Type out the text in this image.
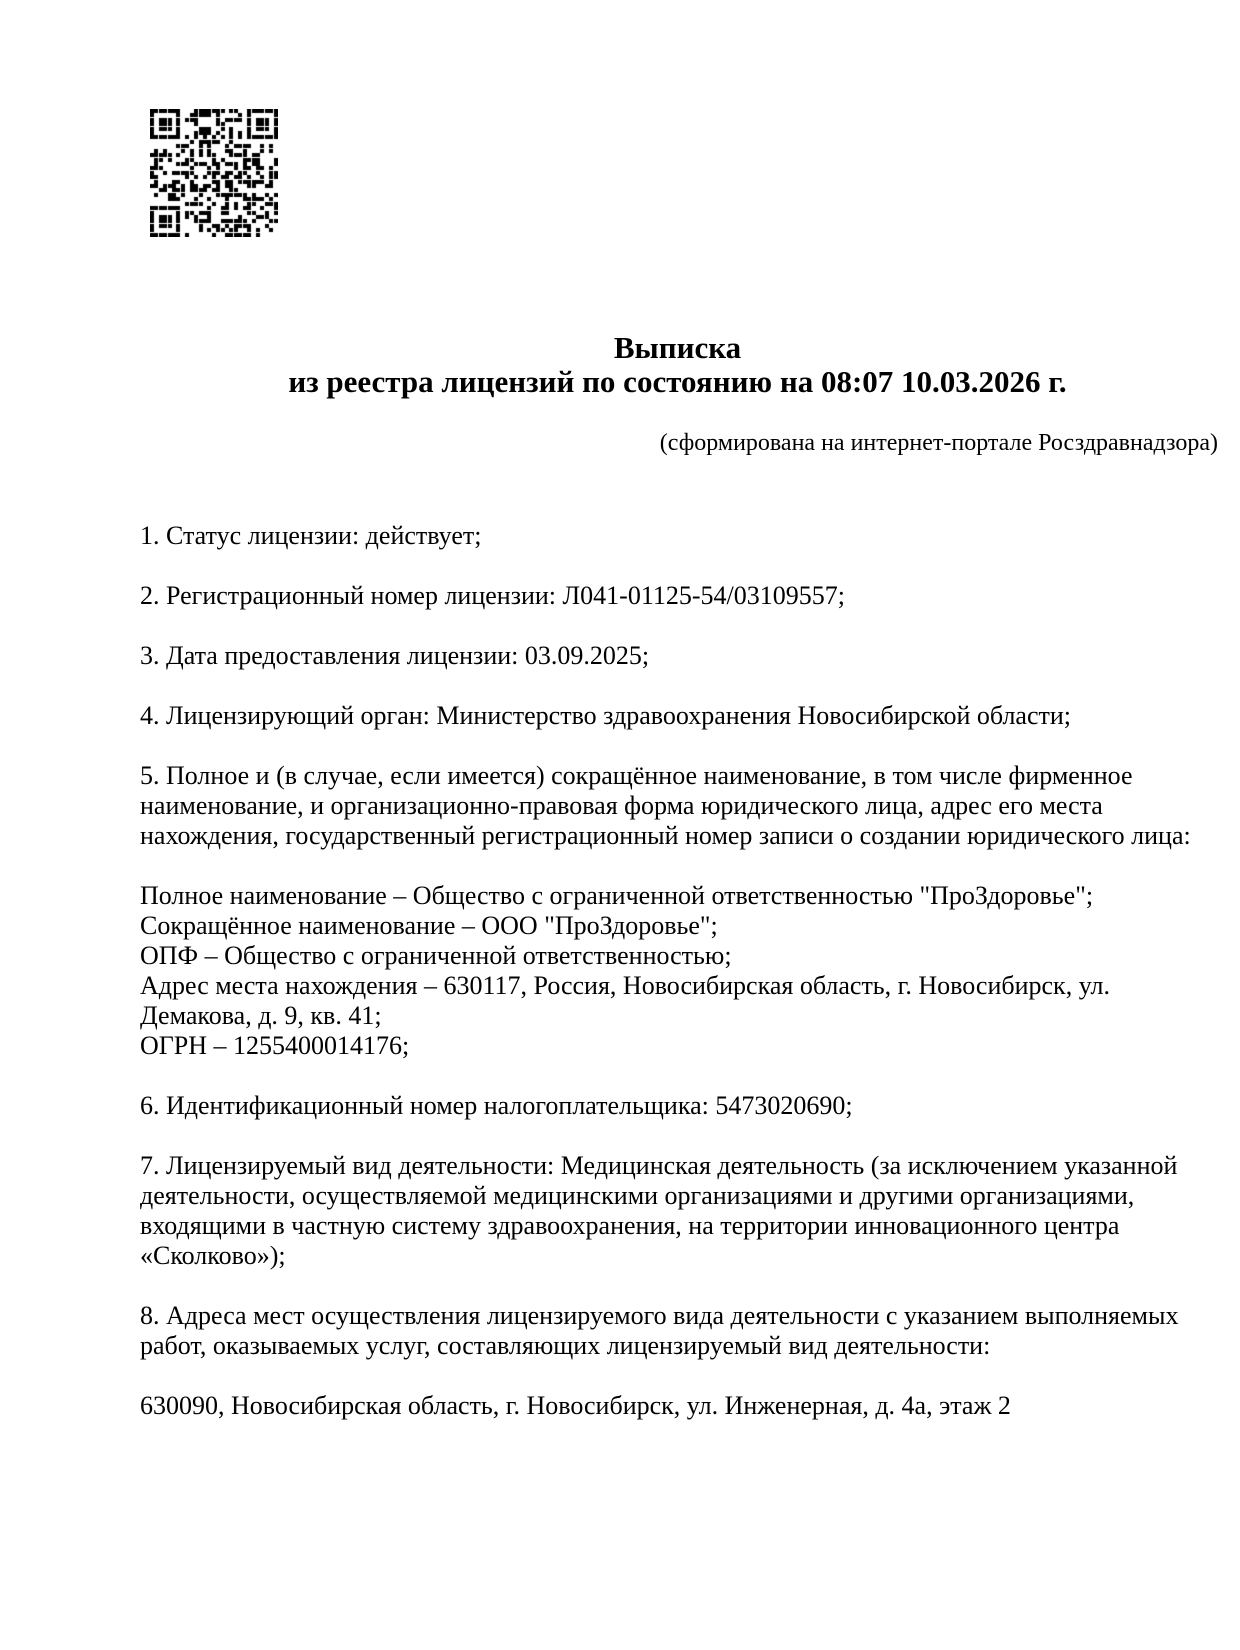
Выписка
из реестра лицензий по состоянию на 08:07 10.03.2026 г.
(сформирована на интернет-портале Росздравнадзора)

1. Статус лицензии: действует;

2. Регистрационный номер лицензии: Л041-01125-54/03109557;

3. Дата предоставления лицензии: 03.09.2025;

4. Лицензирующий орган: Министерство здравоохранения Новосибирской области;

5. Полное и (в случае, если имеется) сокращённое наименование, в том числе фирменное
наименование, и организационно-правовая форма юридического лица, адрес его места
нахождения, государственный регистрационный номер записи о создании юридического лица:

Полное наименование – Общество с ограниченной ответственностью "ПроЗдоровье";
Сокращённое наименование – ООО "ПроЗдоровье";
ОПФ – Общество с ограниченной ответственностью;
Адрес места нахождения – 630117, Россия, Новосибирская область, г. Новосибирск, ул.
Демакова, д. 9, кв. 41;
ОГРН – 1255400014176;

6. Идентификационный номер налогоплательщика: 5473020690;

7. Лицензируемый вид деятельности: Медицинская деятельность (за исключением указанной
деятельности, осуществляемой медицинскими организациями и другими организациями,
входящими в частную систему здравоохранения, на территории инновационного центра
«Сколково»);

8. Адреса мест осуществления лицензируемого вида деятельности с указанием выполняемых
работ, оказываемых услуг, составляющих лицензируемый вид деятельности:

630090, Новосибирская область, г. Новосибирск, ул. Инженерная, д. 4а, этаж 2
